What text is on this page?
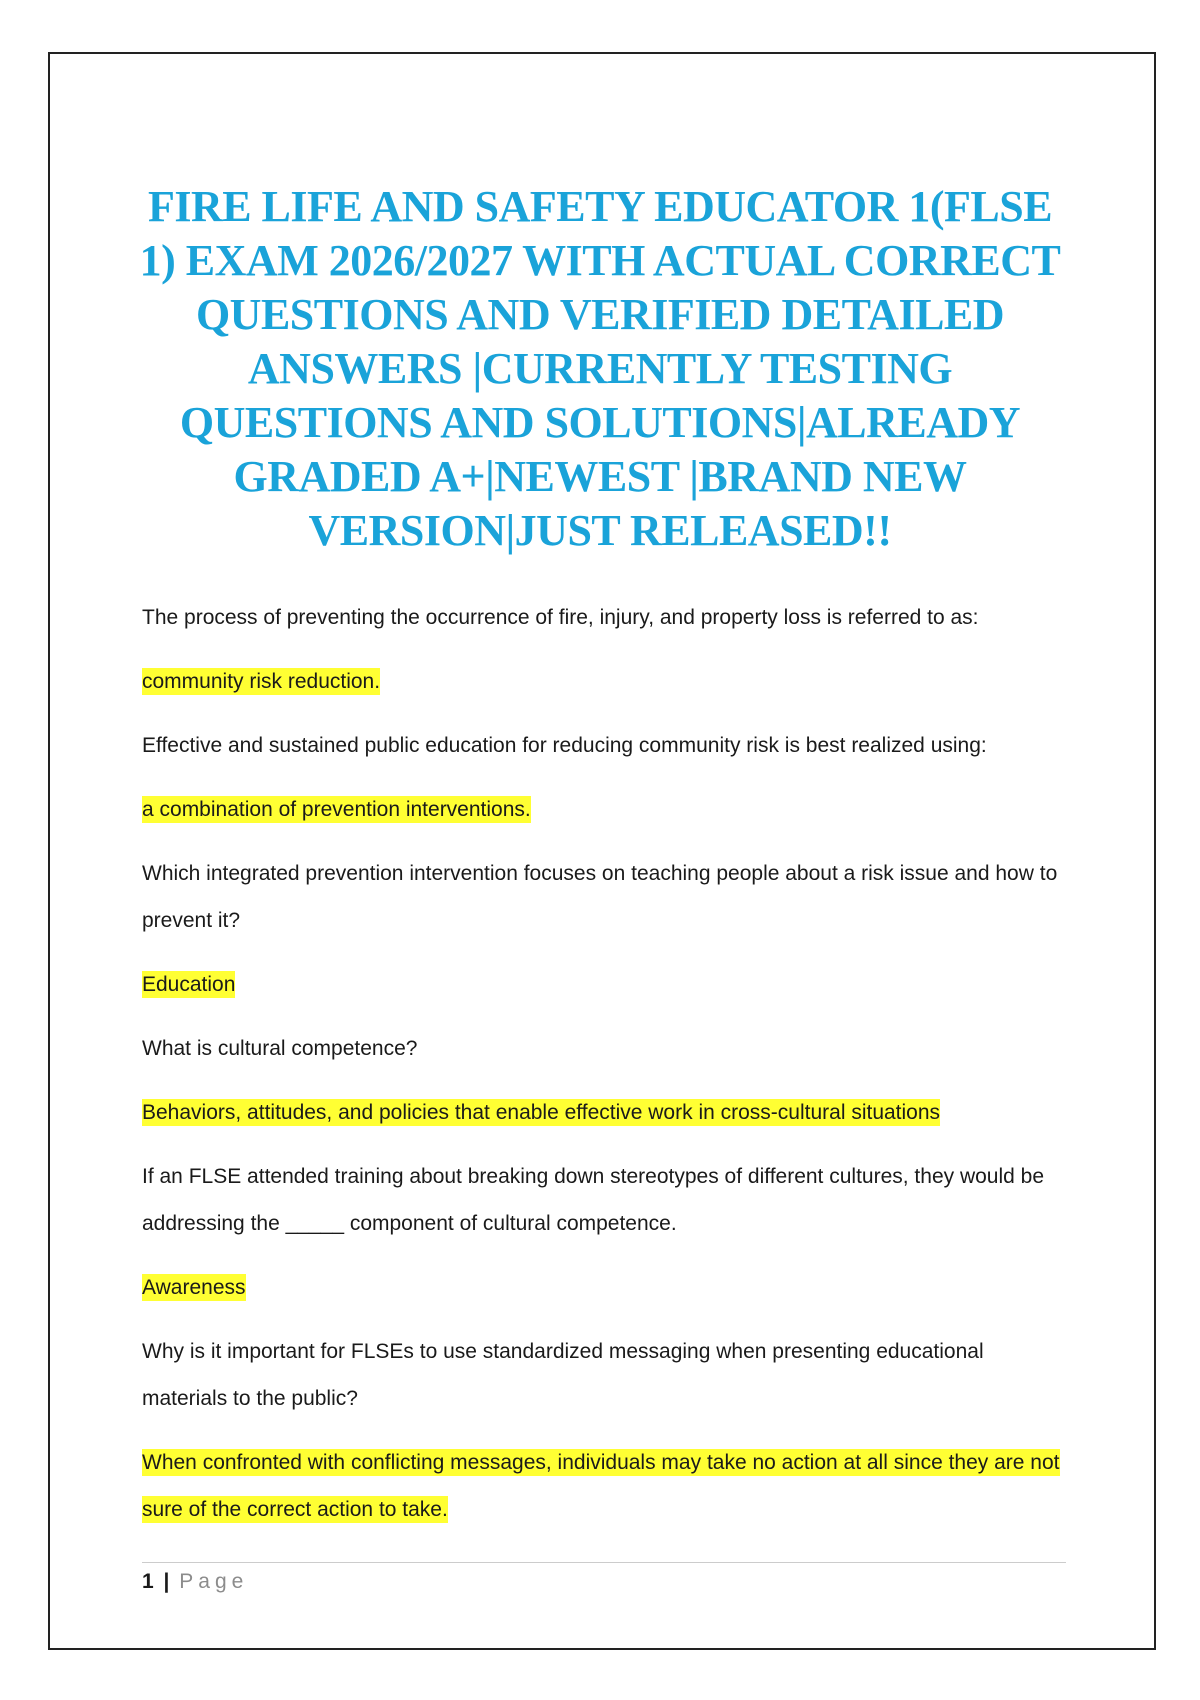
FIRE LIFE AND SAFETY EDUCATOR 1(FLSE 1) EXAM 2026/2027 WITH ACTUAL CORRECT QUESTIONS AND VERIFIED DETAILED ANSWERS |CURRENTLY TESTING QUESTIONS AND SOLUTIONS|ALREADY GRADED A+|NEWEST |BRAND NEW VERSION|JUST RELEASED!!

The process of preventing the occurrence of fire, injury, and property loss is referred to as:

community risk reduction.

Effective and sustained public education for reducing community risk is best realized using:

a combination of prevention interventions.

Which integrated prevention intervention focuses on teaching people about a risk issue and how to prevent it?

Education

What is cultural competence?

Behaviors, attitudes, and policies that enable effective work in cross-cultural situations

If an FLSE attended training about breaking down stereotypes of different cultures, they would be addressing the _____ component of cultural competence.

Awareness

Why is it important for FLSEs to use standardized messaging when presenting educational materials to the public?

When confronted with conflicting messages, individuals may take no action at all since they are not sure of the correct action to take.

1 | Page
